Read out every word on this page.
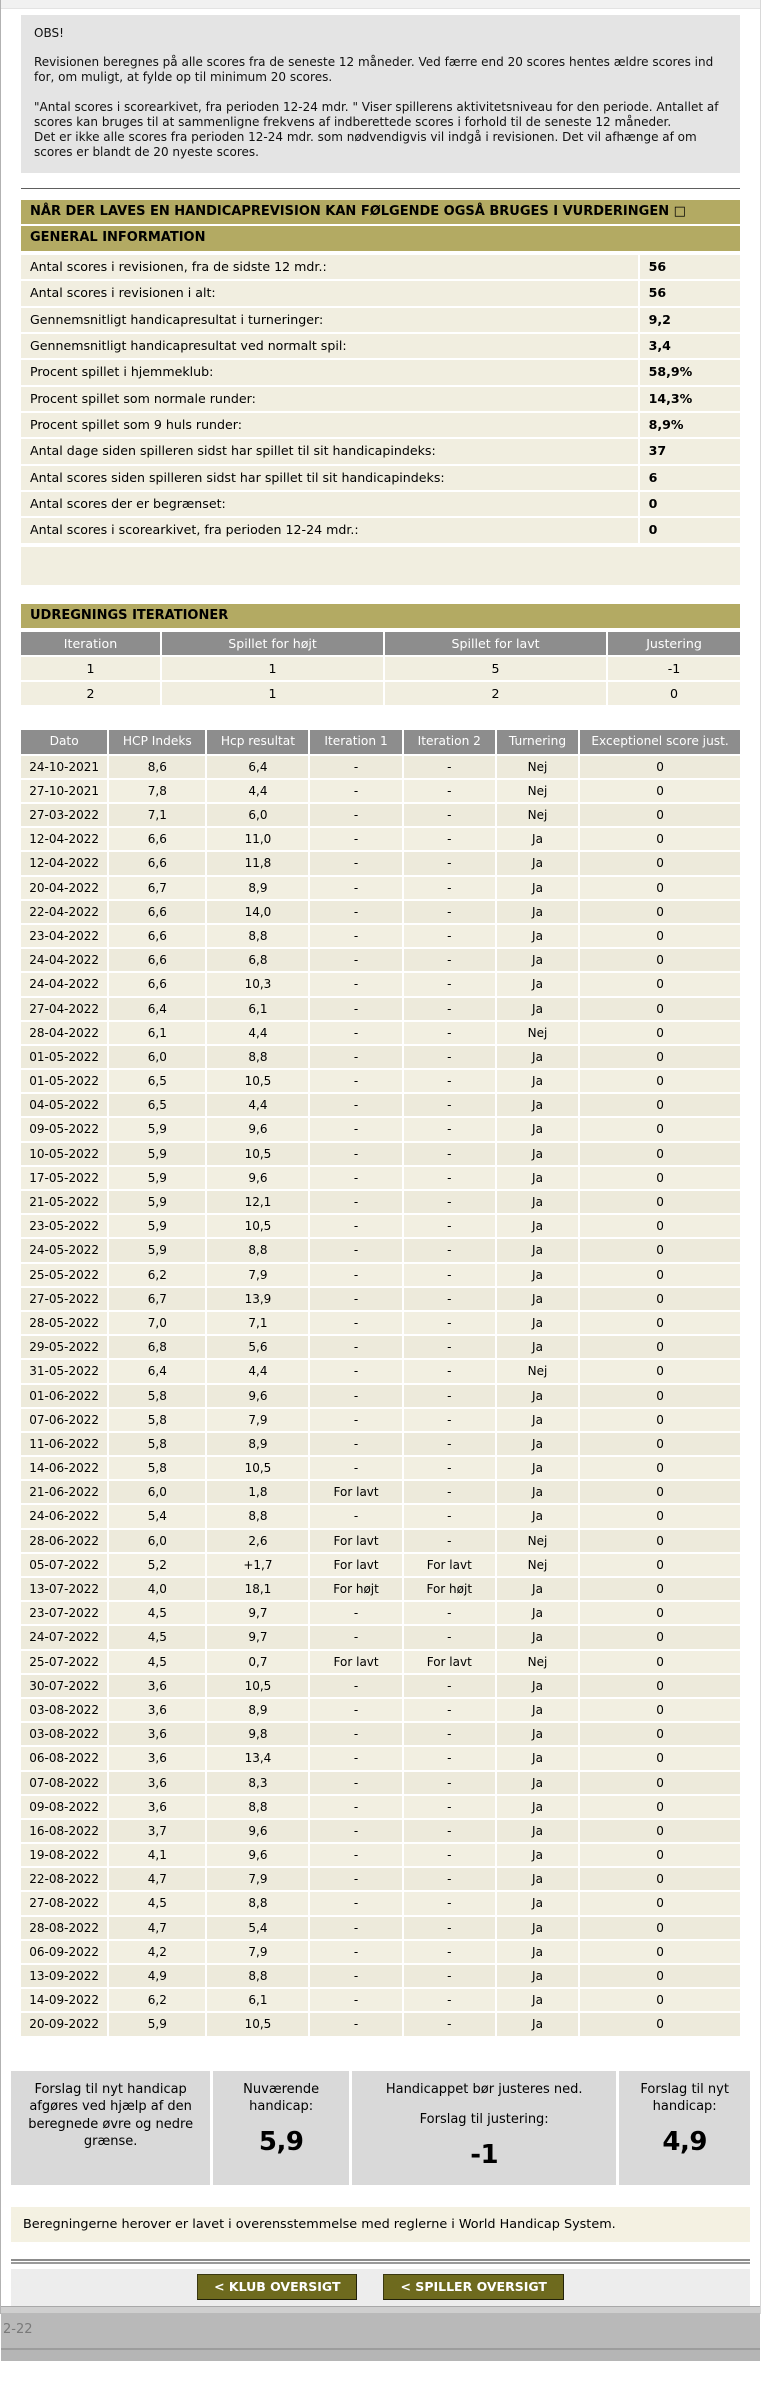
OBS!
Revisionen beregnes på alle scores fra de seneste 12 måneder. Ved færre end 20 scores hentes ældre scores ind for, om muligt, at fylde op til minimum 20 scores.
"Antal scores i scorearkivet, fra perioden 12-24 mdr. " Viser spillerens aktivitetsniveau for den periode. Antallet af scores kan bruges til at sammenligne frekvens af indberettede scores i forhold til de seneste 12 måneder.
Det er ikke alle scores fra perioden 12-24 mdr. som nødvendigvis vil indgå i revisionen. Det vil afhænge af om scores er blandt de 20 nyeste scores.
NÅR DER LAVES EN HANDICAPREVISION KAN FØLGENDE OGSÅ BRUGES I VURDERINGEN □
GENERAL INFORMATION
Antal scores i revisionen, fra de sidste 12 mdr.:	56
Antal scores i revisionen i alt:	56
Gennemsnitligt handicapresultat i turneringer:	9,2
Gennemsnitligt handicapresultat ved normalt spil:	3,4
Procent spillet i hjemmeklub:	58,9%
Procent spillet som normale runder:	14,3%
Procent spillet som 9 huls runder:	8,9%
Antal dage siden spilleren sidst har spillet til sit handicapindeks:	37
Antal scores siden spilleren sidst har spillet til sit handicapindeks:	6
Antal scores der er begrænset:	0
Antal scores i scorearkivet, fra perioden 12-24 mdr.:	0
UDREGNINGS ITERATIONER
Iteration	Spillet for højt	Spillet for lavt	Justering
1	1	5	-1
2	1	2	0
Dato	HCP Indeks	Hcp resultat	Iteration 1	Iteration 2	Turnering	Exceptionel score just.
24-10-2021	8,6	6,4	-	-	Nej	0
27-10-2021	7,8	4,4	-	-	Nej	0
27-03-2022	7,1	6,0	-	-	Nej	0
12-04-2022	6,6	11,0	-	-	Ja	0
12-04-2022	6,6	11,8	-	-	Ja	0
20-04-2022	6,7	8,9	-	-	Ja	0
22-04-2022	6,6	14,0	-	-	Ja	0
23-04-2022	6,6	8,8	-	-	Ja	0
24-04-2022	6,6	6,8	-	-	Ja	0
24-04-2022	6,6	10,3	-	-	Ja	0
27-04-2022	6,4	6,1	-	-	Ja	0
28-04-2022	6,1	4,4	-	-	Nej	0
01-05-2022	6,0	8,8	-	-	Ja	0
01-05-2022	6,5	10,5	-	-	Ja	0
04-05-2022	6,5	4,4	-	-	Ja	0
09-05-2022	5,9	9,6	-	-	Ja	0
10-05-2022	5,9	10,5	-	-	Ja	0
17-05-2022	5,9	9,6	-	-	Ja	0
21-05-2022	5,9	12,1	-	-	Ja	0
23-05-2022	5,9	10,5	-	-	Ja	0
24-05-2022	5,9	8,8	-	-	Ja	0
25-05-2022	6,2	7,9	-	-	Ja	0
27-05-2022	6,7	13,9	-	-	Ja	0
28-05-2022	7,0	7,1	-	-	Ja	0
29-05-2022	6,8	5,6	-	-	Ja	0
31-05-2022	6,4	4,4	-	-	Nej	0
01-06-2022	5,8	9,6	-	-	Ja	0
07-06-2022	5,8	7,9	-	-	Ja	0
11-06-2022	5,8	8,9	-	-	Ja	0
14-06-2022	5,8	10,5	-	-	Ja	0
21-06-2022	6,0	1,8	For lavt	-	Ja	0
24-06-2022	5,4	8,8	-	-	Ja	0
28-06-2022	6,0	2,6	For lavt	-	Nej	0
05-07-2022	5,2	+1,7	For lavt	For lavt	Nej	0
13-07-2022	4,0	18,1	For højt	For højt	Ja	0
23-07-2022	4,5	9,7	-	-	Ja	0
24-07-2022	4,5	9,7	-	-	Ja	0
25-07-2022	4,5	0,7	For lavt	For lavt	Nej	0
30-07-2022	3,6	10,5	-	-	Ja	0
03-08-2022	3,6	8,9	-	-	Ja	0
03-08-2022	3,6	9,8	-	-	Ja	0
06-08-2022	3,6	13,4	-	-	Ja	0
07-08-2022	3,6	8,3	-	-	Ja	0
09-08-2022	3,6	8,8	-	-	Ja	0
16-08-2022	3,7	9,6	-	-	Ja	0
19-08-2022	4,1	9,6	-	-	Ja	0
22-08-2022	4,7	7,9	-	-	Ja	0
27-08-2022	4,5	8,8	-	-	Ja	0
28-08-2022	4,7	5,4	-	-	Ja	0
06-09-2022	4,2	7,9	-	-	Ja	0
13-09-2022	4,9	8,8	-	-	Ja	0
14-09-2022	6,2	6,1	-	-	Ja	0
20-09-2022	5,9	10,5	-	-	Ja	0
Forslag til nyt handicap afgøres ved hjælp af den beregnede øvre og nedre grænse.	Nuværende handicap:
5,9
	Handicappet bør justeres ned.
Forslag til justering:
-1
	Forslag til nyt handicap:
4,9
Beregningerne herover er lavet i overensstemmelse med reglerne i World Handicap System.
< KLUB OVERSIGT	< SPILLER OVERSIGT
2-22
